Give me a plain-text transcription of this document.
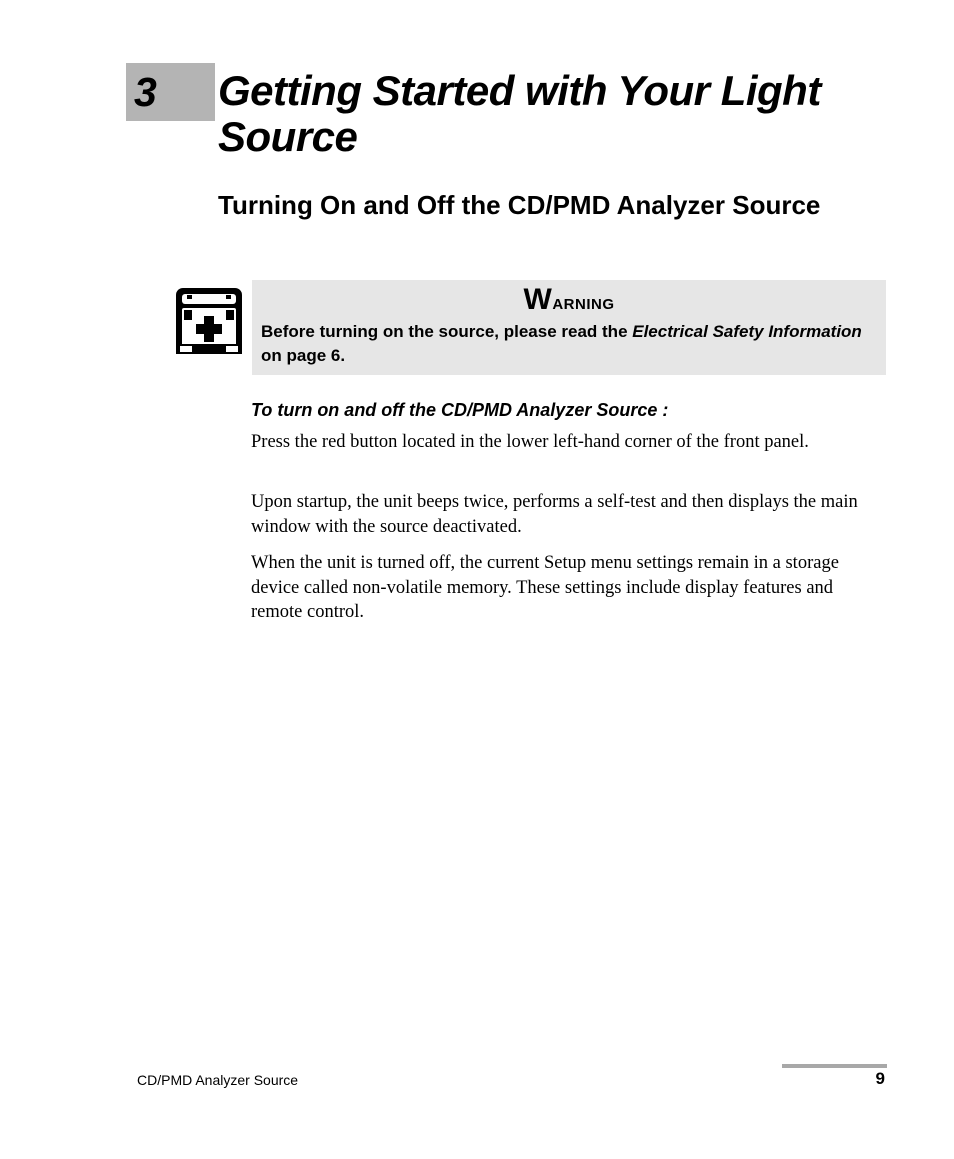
3 Getting Started with Your Light Source
Turning On and Off the CD/PMD Analyzer Source
Warning
Before turning on the source, please read the Electrical Safety Information on page 6.
To turn on and off the CD/PMD Analyzer Source :

Press the red button located in the lower left-hand corner of the front panel.

Upon startup, the unit beeps twice, performs a self-test and then displays the main window with the source deactivated.

When the unit is turned off, the current Setup menu settings remain in a storage device called non-volatile memory. These settings include display features and remote control.

CD/PMD Analyzer Source	9
